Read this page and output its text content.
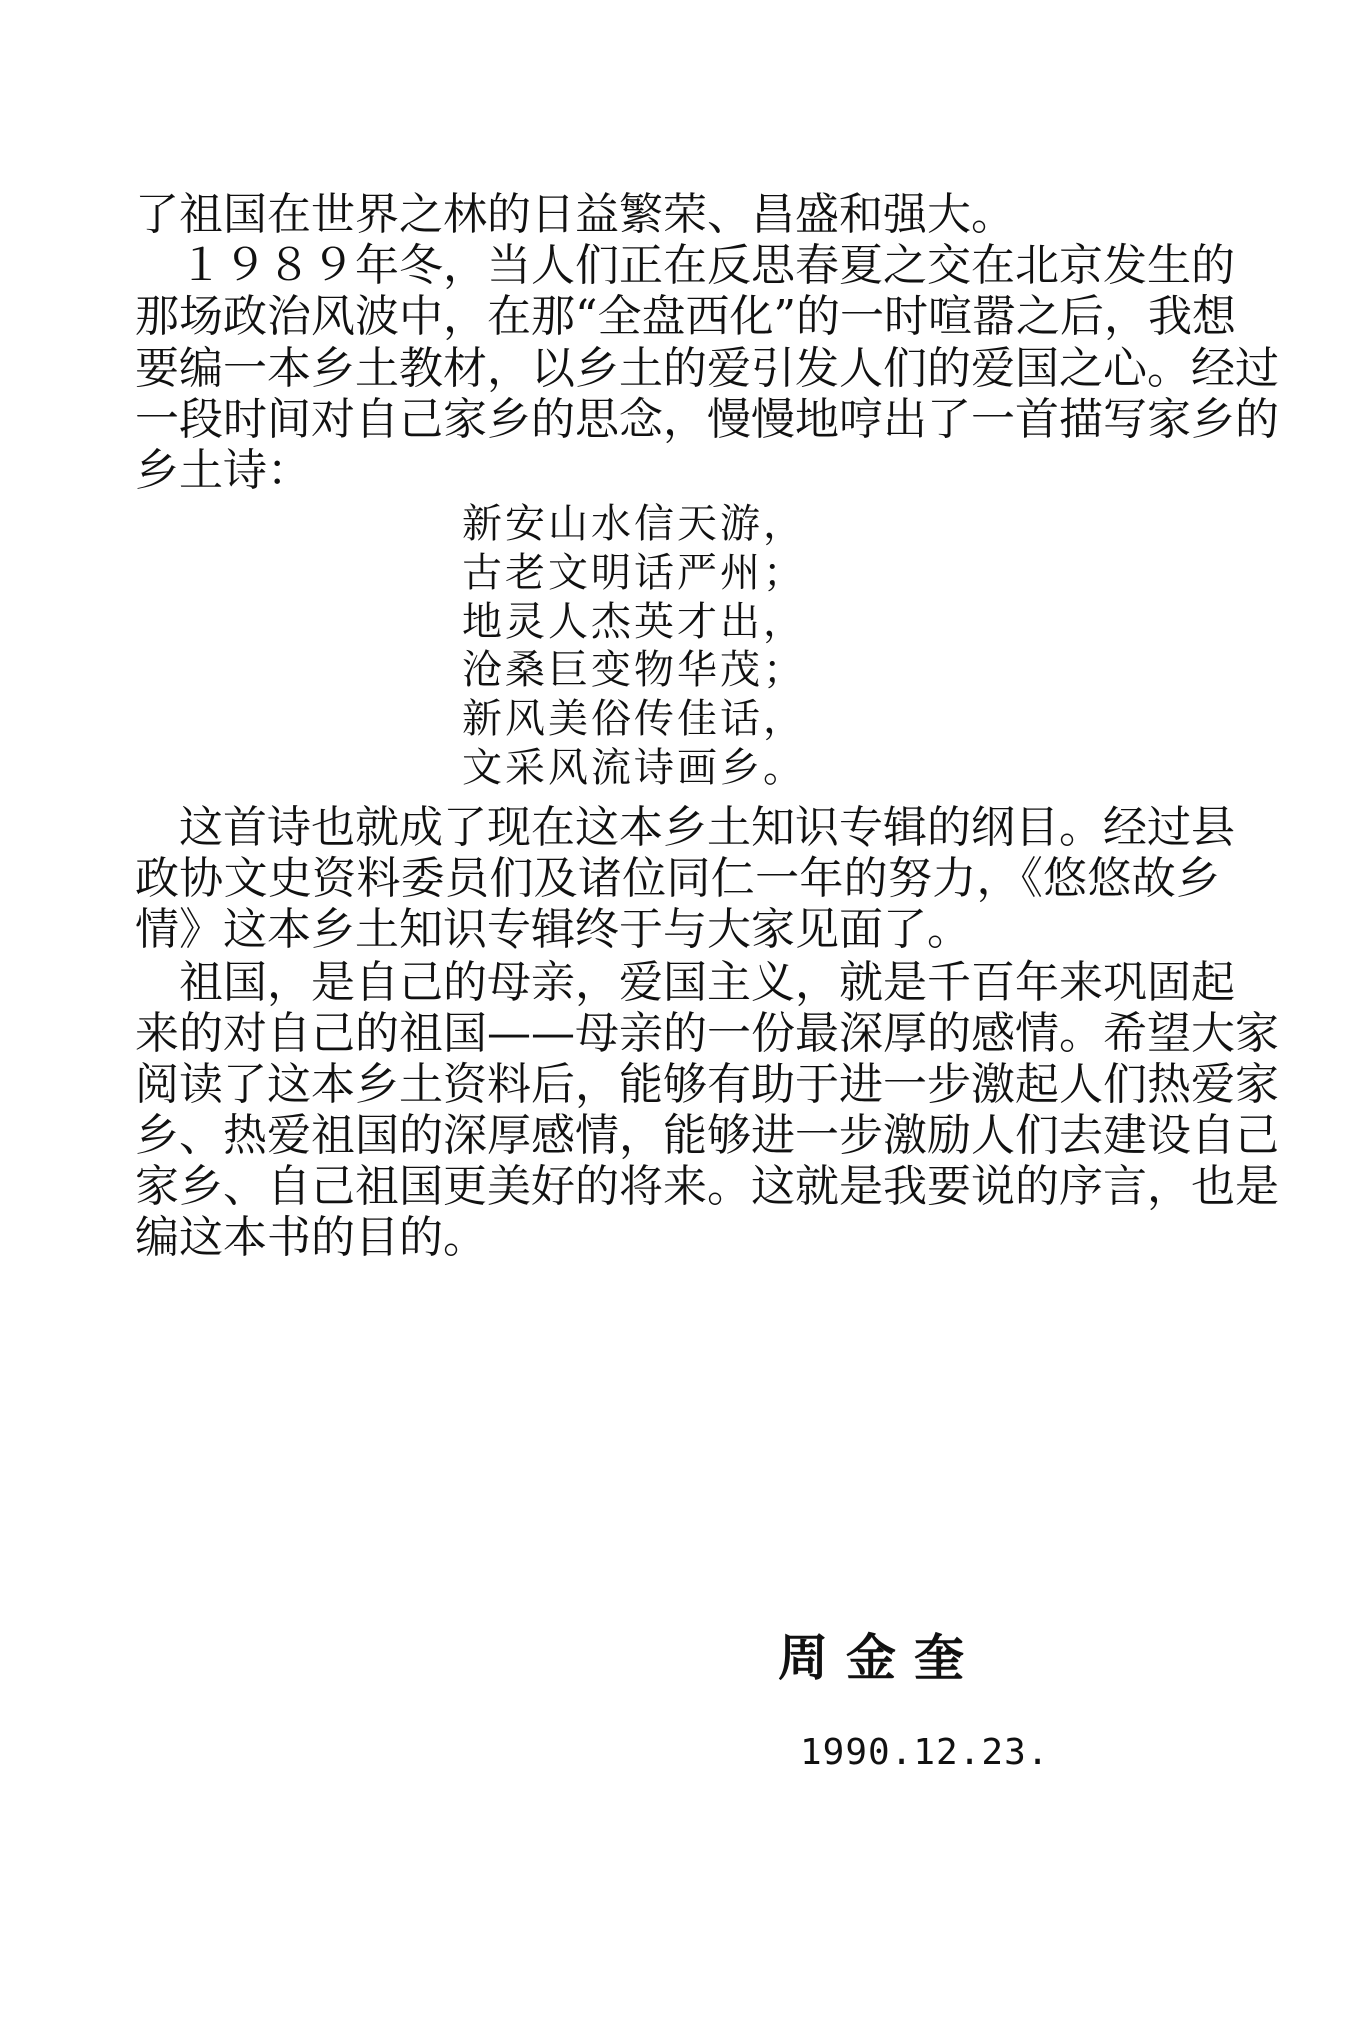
了祖国在世界之林的日益繁荣、昌盛和强大。
　１９８９年冬，当人们正在反思春夏之交在北京发生的
那场政治风波中，在那“全盘西化”的一时喧嚣之后，我想
要编一本乡土教材，以乡土的爱引发人们的爱国之心。经过
一段时间对自己家乡的思念，慢慢地哼出了一首描写家乡的
乡土诗：
新安山水信天游，
古老文明话严州；
地灵人杰英才出，
沧桑巨变物华茂；
新风美俗传佳话，
文采风流诗画乡。
　这首诗也就成了现在这本乡土知识专辑的纲目。经过县
政协文史资料委员们及诸位同仁一年的努力，《悠悠故乡
情》这本乡土知识专辑终于与大家见面了。
　祖国，是自己的母亲，爱国主义，就是千百年来巩固起
来的对自己的祖国——母亲的一份最深厚的感情。希望大家
阅读了这本乡土资料后，能够有助于进一步激起人们热爱家
乡、热爱祖国的深厚感情，能够进一步激励人们去建设自己
家乡、自己祖国更美好的将来。这就是我要说的序言，也是
编这本书的目的。
周金奎
1990.12.23.
